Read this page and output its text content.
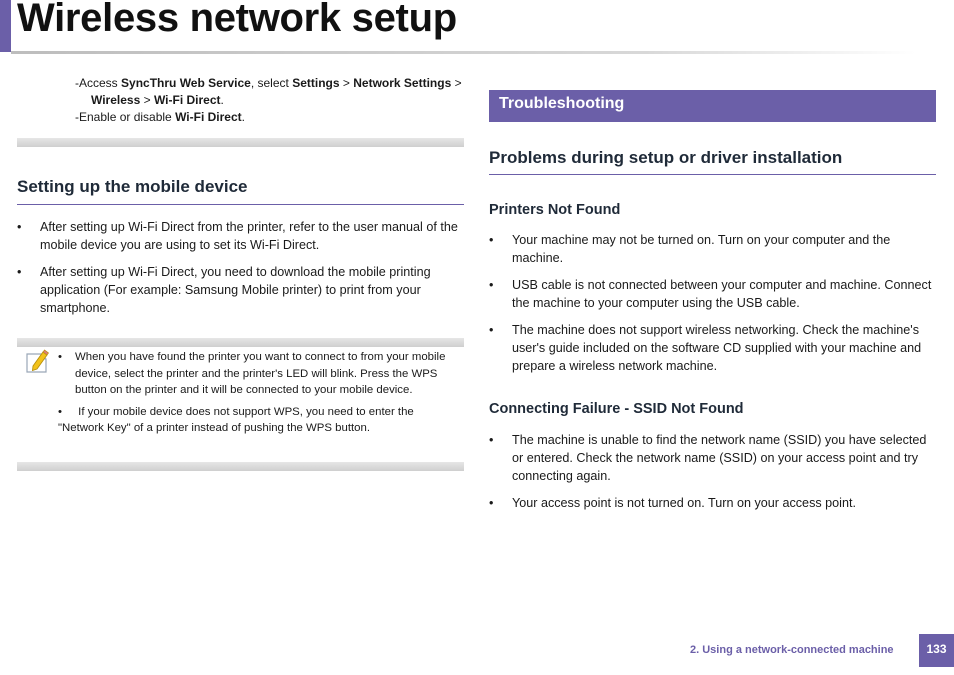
Wireless network setup
-Access SyncThru Web Service, select Settings > Network Settings >
Wireless > Wi-Fi Direct.
-Enable or disable Wi-Fi Direct.
Setting up the mobile device
• After setting up Wi-Fi Direct from the printer, refer to the user manual of the mobile device you are using to set its Wi-Fi Direct.
• After setting up Wi-Fi Direct, you need to download the mobile printing application (For example: Samsung Mobile printer) to print from your smartphone.
• When you have found the printer you want to connect to from your mobile device, select the printer and the printer's LED will blink. Press the WPS button on the printer and it will be connected to your mobile device.
• If your mobile device does not support WPS, you need to enter the
"Network Key" of a printer instead of pushing the WPS button.
Troubleshooting
Problems during setup or driver installation
Printers Not Found
• Your machine may not be turned on. Turn on your computer and the machine.
• USB cable is not connected between your computer and machine. Connect the machine to your computer using the USB cable.
• The machine does not support wireless networking. Check the machine's user's guide included on the software CD supplied with your machine and prepare a wireless network machine.
Connecting Failure - SSID Not Found
• The machine is unable to find the network name (SSID) you have selected or entered. Check the network name (SSID) on your access point and try connecting again.
• Your access point is not turned on. Turn on your access point.
2. Using a network-connected machine	133
